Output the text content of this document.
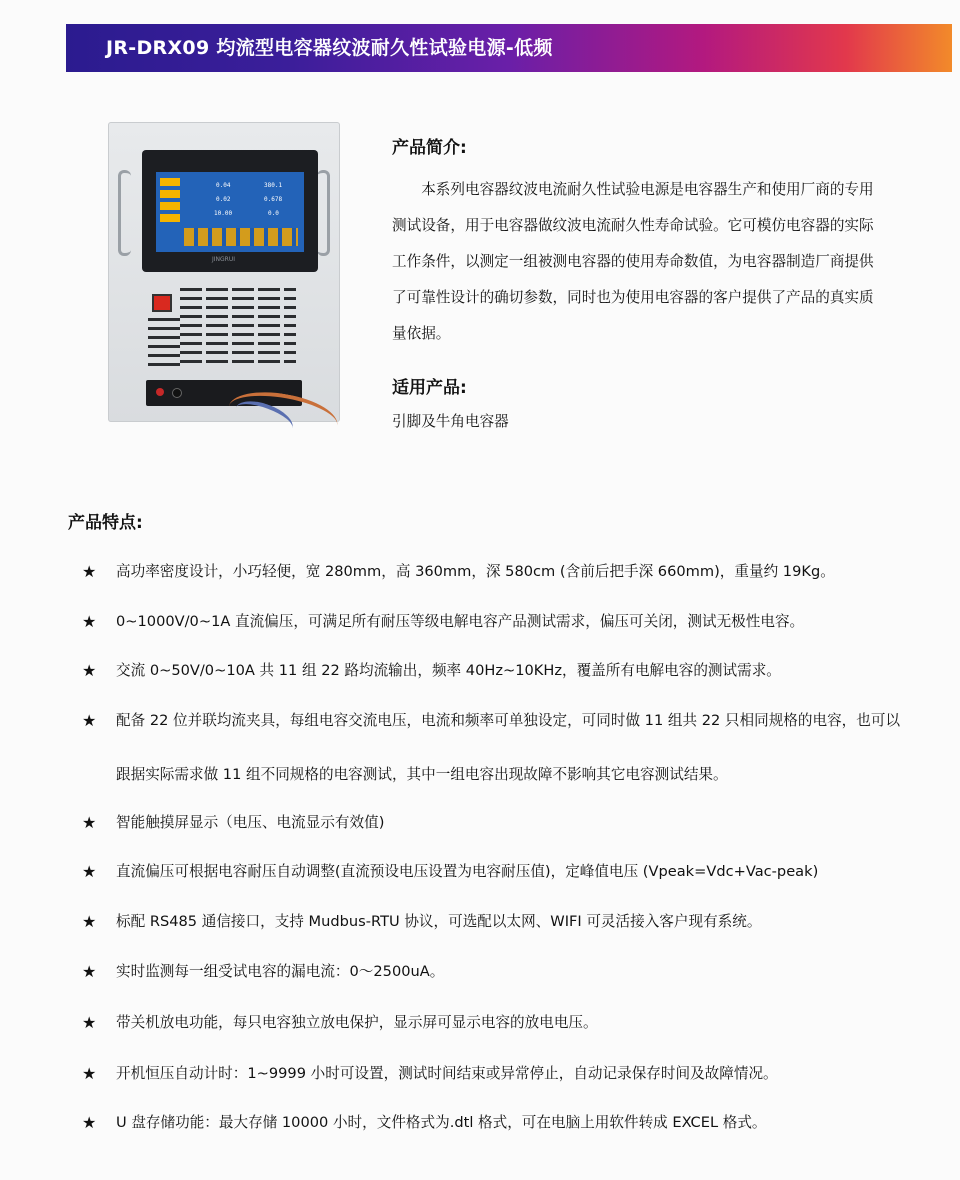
JR-DRX09 均流型电容器纹波耐久性试验电源-低频
0.04	380.1
0.02	0.678
10.00	0.0
JINGRUI
产品简介:
本系列电容器纹波电流耐久性试验电源是电容器生产和使用厂商的专用测试设备，用于电容器做纹波电流耐久性寿命试验。它可模仿电容器的实际工作条件，以测定一组被测电容器的使用寿命数值，为电容器制造厂商提供了可靠性设计的确切参数，同时也为使用电容器的客户提供了产品的真实质量依据。
适用产品:
引脚及牛角电容器
产品特点:
★ 高功率密度设计，小巧轻便，宽 280mm，高 360mm，深 580cm (含前后把手深 660mm)，重量约 19Kg。
★ 0~1000V/0~1A 直流偏压，可满足所有耐压等级电解电容产品测试需求，偏压可关闭，测试无极性电容。
★ 交流 0~50V/0~10A 共 11 组 22 路均流输出，频率 40Hz~10KHz，覆盖所有电解电容的测试需求。
★ 配备 22 位并联均流夹具，每组电容交流电压，电流和频率可单独设定，可同时做 11 组共 22 只相同规格的电容，也可以跟据实际需求做 11 组不同规格的电容测试，其中一组电容出现故障不影响其它电容测试结果。
★ 智能触摸屏显示（电压、电流显示有效值)
★ 直流偏压可根据电容耐压自动调整(直流预设电压设置为电容耐压值)，定峰值电压 (Vpeak=Vdc+Vac-peak)
★ 标配 RS485 通信接口，支持 Mudbus-RTU 协议，可选配以太网、WIFI 可灵活接入客户现有系统。
★ 实时监测每一组受试电容的漏电流：0～2500uA。
★ 带关机放电功能，每只电容独立放电保护，显示屏可显示电容的放电电压。
★ 开机恒压自动计时：1~9999 小时可设置，测试时间结束或异常停止，自动记录保存时间及故障情况。
★ U 盘存储功能：最大存储 10000 小时，文件格式为.dtl 格式，可在电脑上用软件转成 EXCEL 格式。
